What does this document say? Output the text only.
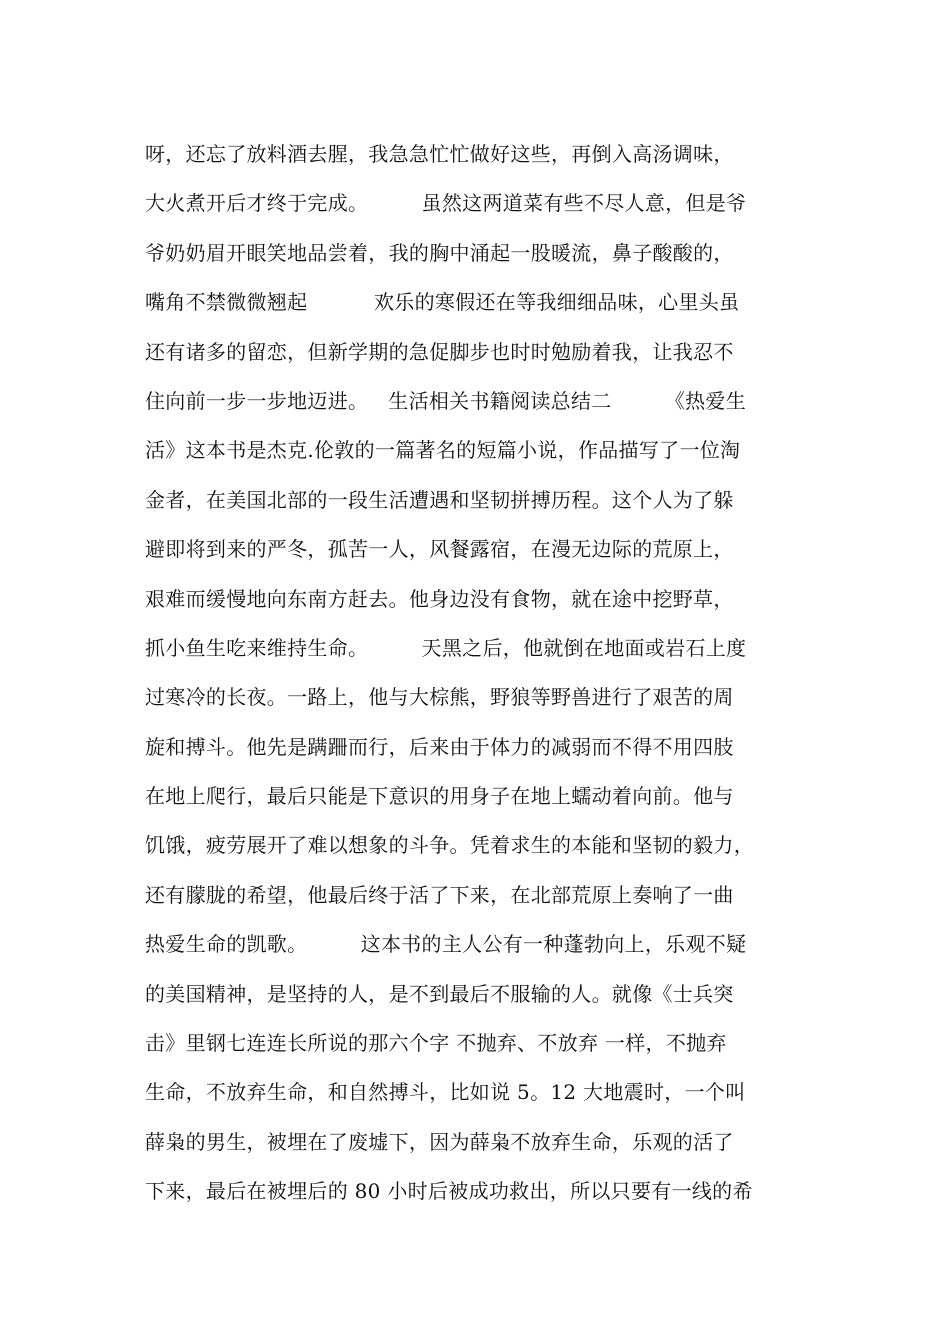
呀，还忘了放料酒去腥，我急急忙忙做好这些，再倒入高汤调味，
大火煮开后才终于完成。        虽然这两道菜有些不尽人意，但是爷
爷奶奶眉开眼笑地品尝着，我的胸中涌起一股暖流，鼻子酸酸的，
嘴角不禁微微翘起          欢乐的寒假还在等我细细品味，心里头虽
还有诸多的留恋，但新学期的急促脚步也时时勉励着我，让我忍不
住向前一步一步地迈进。   生活相关书籍阅读总结二        《热爱生
活》这本书是杰克.伦敦的一篇著名的短篇小说，作品描写了一位淘
金者，在美国北部的一段生活遭遇和坚韧拼搏历程。这个人为了躲
避即将到来的严冬，孤苦一人，风餐露宿，在漫无边际的荒原上，
艰难而缓慢地向东南方赶去。他身边没有食物，就在途中挖野草，
抓小鱼生吃来维持生命。        天黑之后，他就倒在地面或岩石上度
过寒冷的长夜。一路上，他与大棕熊，野狼等野兽进行了艰苦的周
旋和搏斗。他先是蹒跚而行，后来由于体力的减弱而不得不用四肢
在地上爬行，最后只能是下意识的用身子在地上蠕动着向前。他与
饥饿，疲劳展开了难以想象的斗争。凭着求生的本能和坚韧的毅力，
还有朦胧的希望，他最后终于活了下来，在北部荒原上奏响了一曲
热爱生命的凯歌。        这本书的主人公有一种蓬勃向上，乐观不疑
的美国精神，是坚持的人，是不到最后不服输的人。就像《士兵突
击》里钢七连连长所说的那六个字 不抛弃、不放弃 一样，不抛弃
生命，不放弃生命，和自然搏斗，比如说 5。12 大地震时，一个叫
薛枭的男生，被埋在了废墟下，因为薛枭不放弃生命，乐观的活了
下来，最后在被埋后的 80 小时后被成功救出，所以只要有一线的希
